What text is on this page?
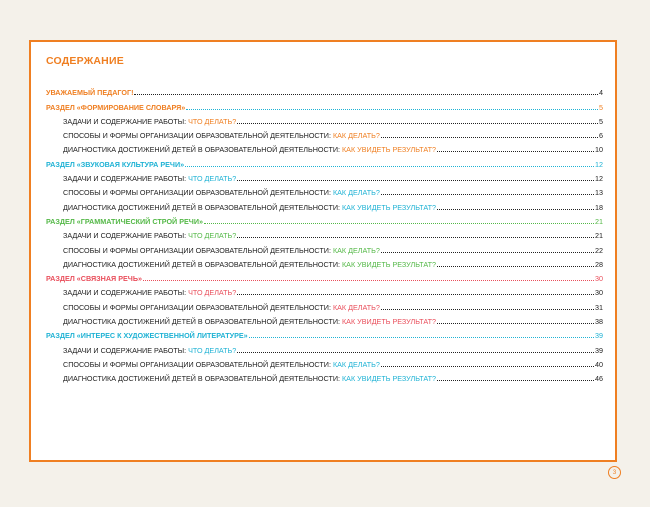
СОДЕРЖАНИЕ
УВАЖАЕМЫЙ ПЕДАГОГ!	4
РАЗДЕЛ «ФОРМИРОВАНИЕ СЛОВАРЯ»	5
ЗАДАЧИ И СОДЕРЖАНИЕ РАБОТЫ: ЧТО ДЕЛАТЬ?	5
СПОСОБЫ И ФОРМЫ ОРГАНИЗАЦИИ ОБРАЗОВАТЕЛЬНОЙ ДЕЯТЕЛЬНОСТИ: КАК ДЕЛАТЬ?	6
ДИАГНОСТИКА ДОСТИЖЕНИЙ ДЕТЕЙ В ОБРАЗОВАТЕЛЬНОЙ ДЕЯТЕЛЬНОСТИ: КАК УВИДЕТЬ РЕЗУЛЬТАТ?	10
РАЗДЕЛ «ЗВУКОВАЯ КУЛЬТУРА РЕЧИ»	12
ЗАДАЧИ И СОДЕРЖАНИЕ РАБОТЫ: ЧТО ДЕЛАТЬ?	12
СПОСОБЫ И ФОРМЫ ОРГАНИЗАЦИИ ОБРАЗОВАТЕЛЬНОЙ ДЕЯТЕЛЬНОСТИ: КАК ДЕЛАТЬ?	13
ДИАГНОСТИКА ДОСТИЖЕНИЙ ДЕТЕЙ В ОБРАЗОВАТЕЛЬНОЙ ДЕЯТЕЛЬНОСТИ: КАК УВИДЕТЬ РЕЗУЛЬТАТ?	18
РАЗДЕЛ «ГРАММАТИЧЕСКИЙ СТРОЙ РЕЧИ»	21
ЗАДАЧИ И СОДЕРЖАНИЕ РАБОТЫ: ЧТО ДЕЛАТЬ?	21
СПОСОБЫ И ФОРМЫ ОРГАНИЗАЦИИ ОБРАЗОВАТЕЛЬНОЙ ДЕЯТЕЛЬНОСТИ: КАК ДЕЛАТЬ?	22
ДИАГНОСТИКА ДОСТИЖЕНИЙ ДЕТЕЙ В ОБРАЗОВАТЕЛЬНОЙ ДЕЯТЕЛЬНОСТИ: КАК УВИДЕТЬ РЕЗУЛЬТАТ?	28
РАЗДЕЛ «СВЯЗНАЯ РЕЧЬ»	30
ЗАДАЧИ И СОДЕРЖАНИЕ РАБОТЫ: ЧТО ДЕЛАТЬ?	30
СПОСОБЫ И ФОРМЫ ОРГАНИЗАЦИИ ОБРАЗОВАТЕЛЬНОЙ ДЕЯТЕЛЬНОСТИ: КАК ДЕЛАТЬ?	31
ДИАГНОСТИКА ДОСТИЖЕНИЙ ДЕТЕЙ В ОБРАЗОВАТЕЛЬНОЙ ДЕЯТЕЛЬНОСТИ: КАК УВИДЕТЬ РЕЗУЛЬТАТ?	38
РАЗДЕЛ «ИНТЕРЕС К ХУДОЖЕСТВЕННОЙ ЛИТЕРАТУРЕ»	39
ЗАДАЧИ И СОДЕРЖАНИЕ РАБОТЫ: ЧТО ДЕЛАТЬ?	39
СПОСОБЫ И ФОРМЫ ОРГАНИЗАЦИИ ОБРАЗОВАТЕЛЬНОЙ ДЕЯТЕЛЬНОСТИ: КАК ДЕЛАТЬ?	40
ДИАГНОСТИКА ДОСТИЖЕНИЙ ДЕТЕЙ В ОБРАЗОВАТЕЛЬНОЙ ДЕЯТЕЛЬНОСТИ: КАК УВИДЕТЬ РЕЗУЛЬТАТ?	46
3
